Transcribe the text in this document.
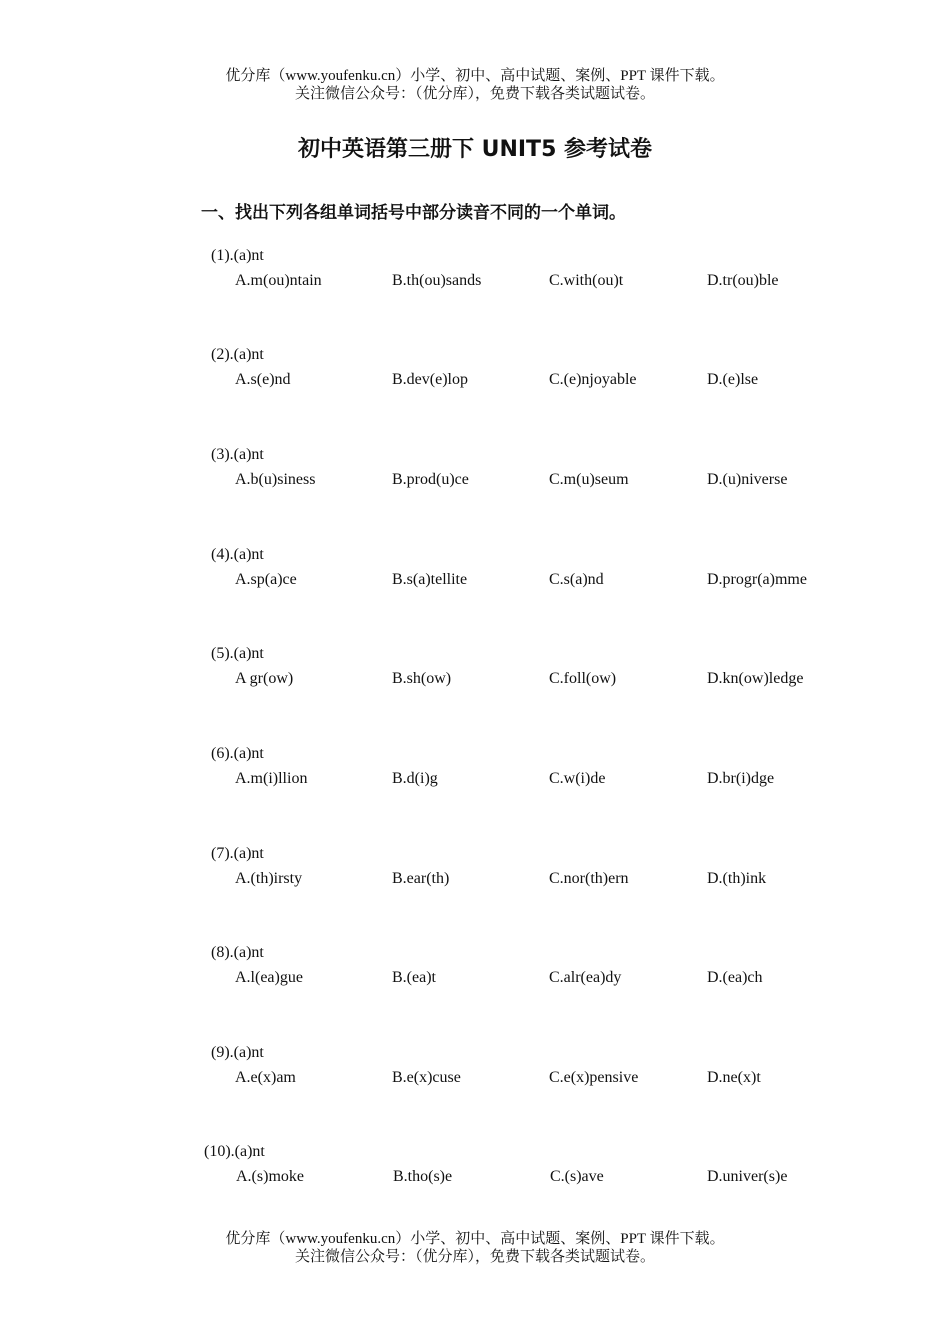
优分库（www.youfenku.cn）小学、初中、高中试题、案例、PPT 课件下载。
关注微信公众号：（优分库），免费下载各类试题试卷。
初中英语第三册下 UNIT5 参考试卷
一、找出下列各组单词括号中部分读音不同的一个单词。
(1).(a)nt
A.m(ou)ntain	B.th(ou)sands	C.with(ou)t	D.tr(ou)ble
(2).(a)nt
A.s(e)nd	B.dev(e)lop	C.(e)njoyable	D.(e)lse
(3).(a)nt
A.b(u)siness	B.prod(u)ce	C.m(u)seum	D.(u)niverse
(4).(a)nt
A.sp(a)ce	B.s(a)tellite	C.s(a)nd	D.progr(a)mme
(5).(a)nt
A gr(ow)	B.sh(ow)	C.foll(ow)	D.kn(ow)ledge
(6).(a)nt
A.m(i)llion	B.d(i)g	C.w(i)de	D.br(i)dge
(7).(a)nt
A.(th)irsty	B.ear(th)	C.nor(th)ern	D.(th)ink
(8).(a)nt
A.l(ea)gue	B.(ea)t	C.alr(ea)dy	D.(ea)ch
(9).(a)nt
A.e(x)am	B.e(x)cuse	C.e(x)pensive	D.ne(x)t
(10).(a)nt
A.(s)moke	B.tho(s)e	C.(s)ave	D.univer(s)e
优分库（www.youfenku.cn）小学、初中、高中试题、案例、PPT 课件下载。
关注微信公众号：（优分库），免费下载各类试题试卷。
